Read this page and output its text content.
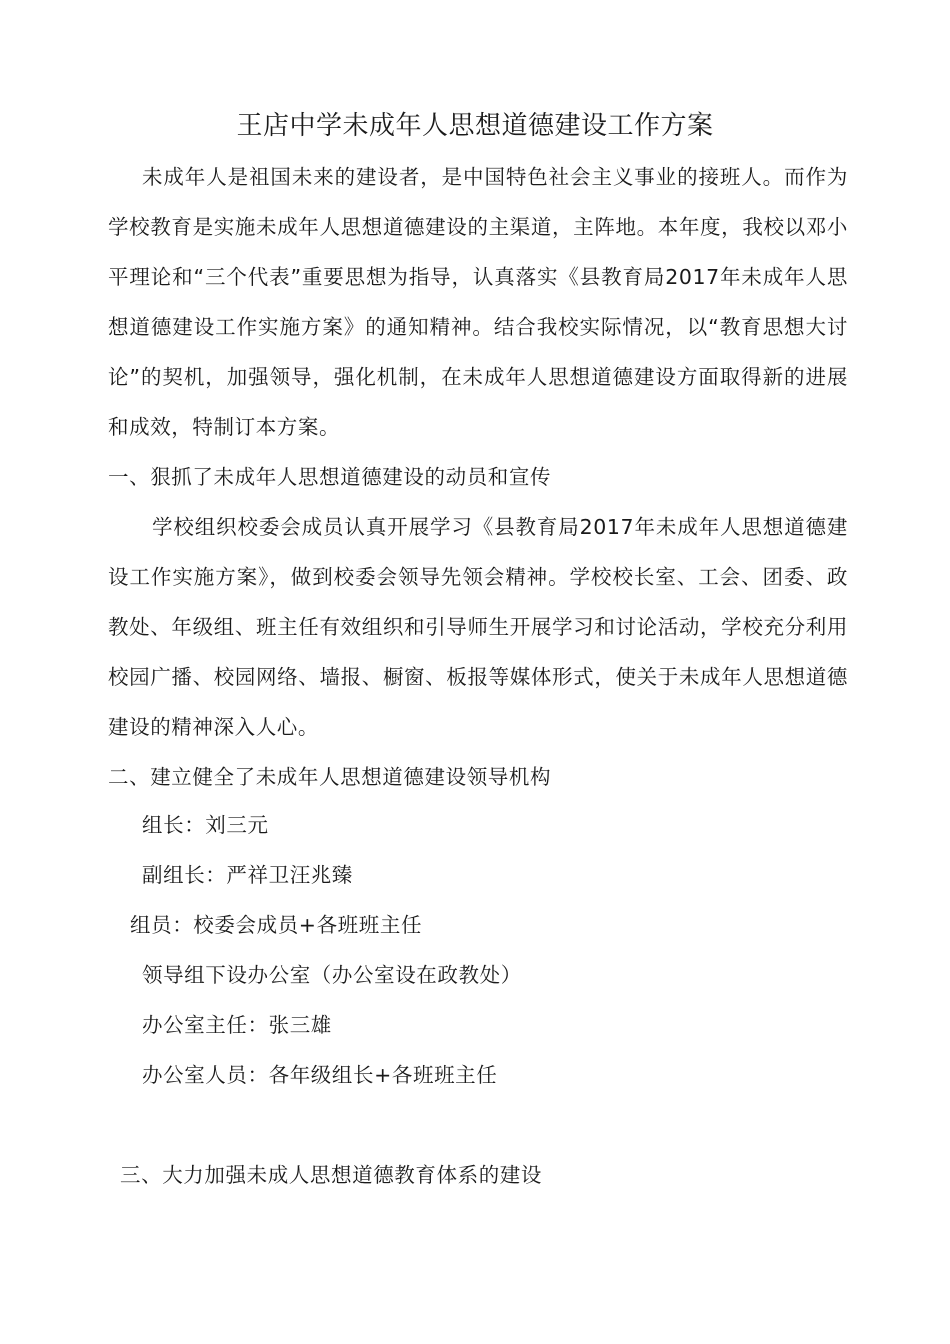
王店中学未成年人思想道德建设工作方案
未成年人是祖国未来的建设者，是中国特色社会主义事业的接班人。而作为学校教育是实施未成年人思想道德建设的主渠道，主阵地。本年度，我校以邓小平理论和“三个代表”重要思想为指导，认真落实《县教育局2017年未成年人思想道德建设工作实施方案》的通知精神。结合我校实际情况，以“教育思想大讨论”的契机，加强领导，强化机制，在未成年人思想道德建设方面取得新的进展和成效，特制订本方案。
一、狠抓了未成年人思想道德建设的动员和宣传
学校组织校委会成员认真开展学习《县教育局2017年未成年人思想道德建设工作实施方案》，做到校委会领导先领会精神。学校校长室、工会、团委、政教处、年级组、班主任有效组织和引导师生开展学习和讨论活动，学校充分利用校园广播、校园网络、墙报、橱窗、板报等媒体形式，使关于未成年人思想道德建设的精神深入人心。
二、建立健全了未成年人思想道德建设领导机构
组长：刘三元
副组长：严祥卫汪兆臻
组员：校委会成员+各班班主任
领导组下设办公室（办公室设在政教处）
办公室主任：张三雄
办公室人员：各年级组长+各班班主任
三、大力加强未成人思想道德教育体系的建设
